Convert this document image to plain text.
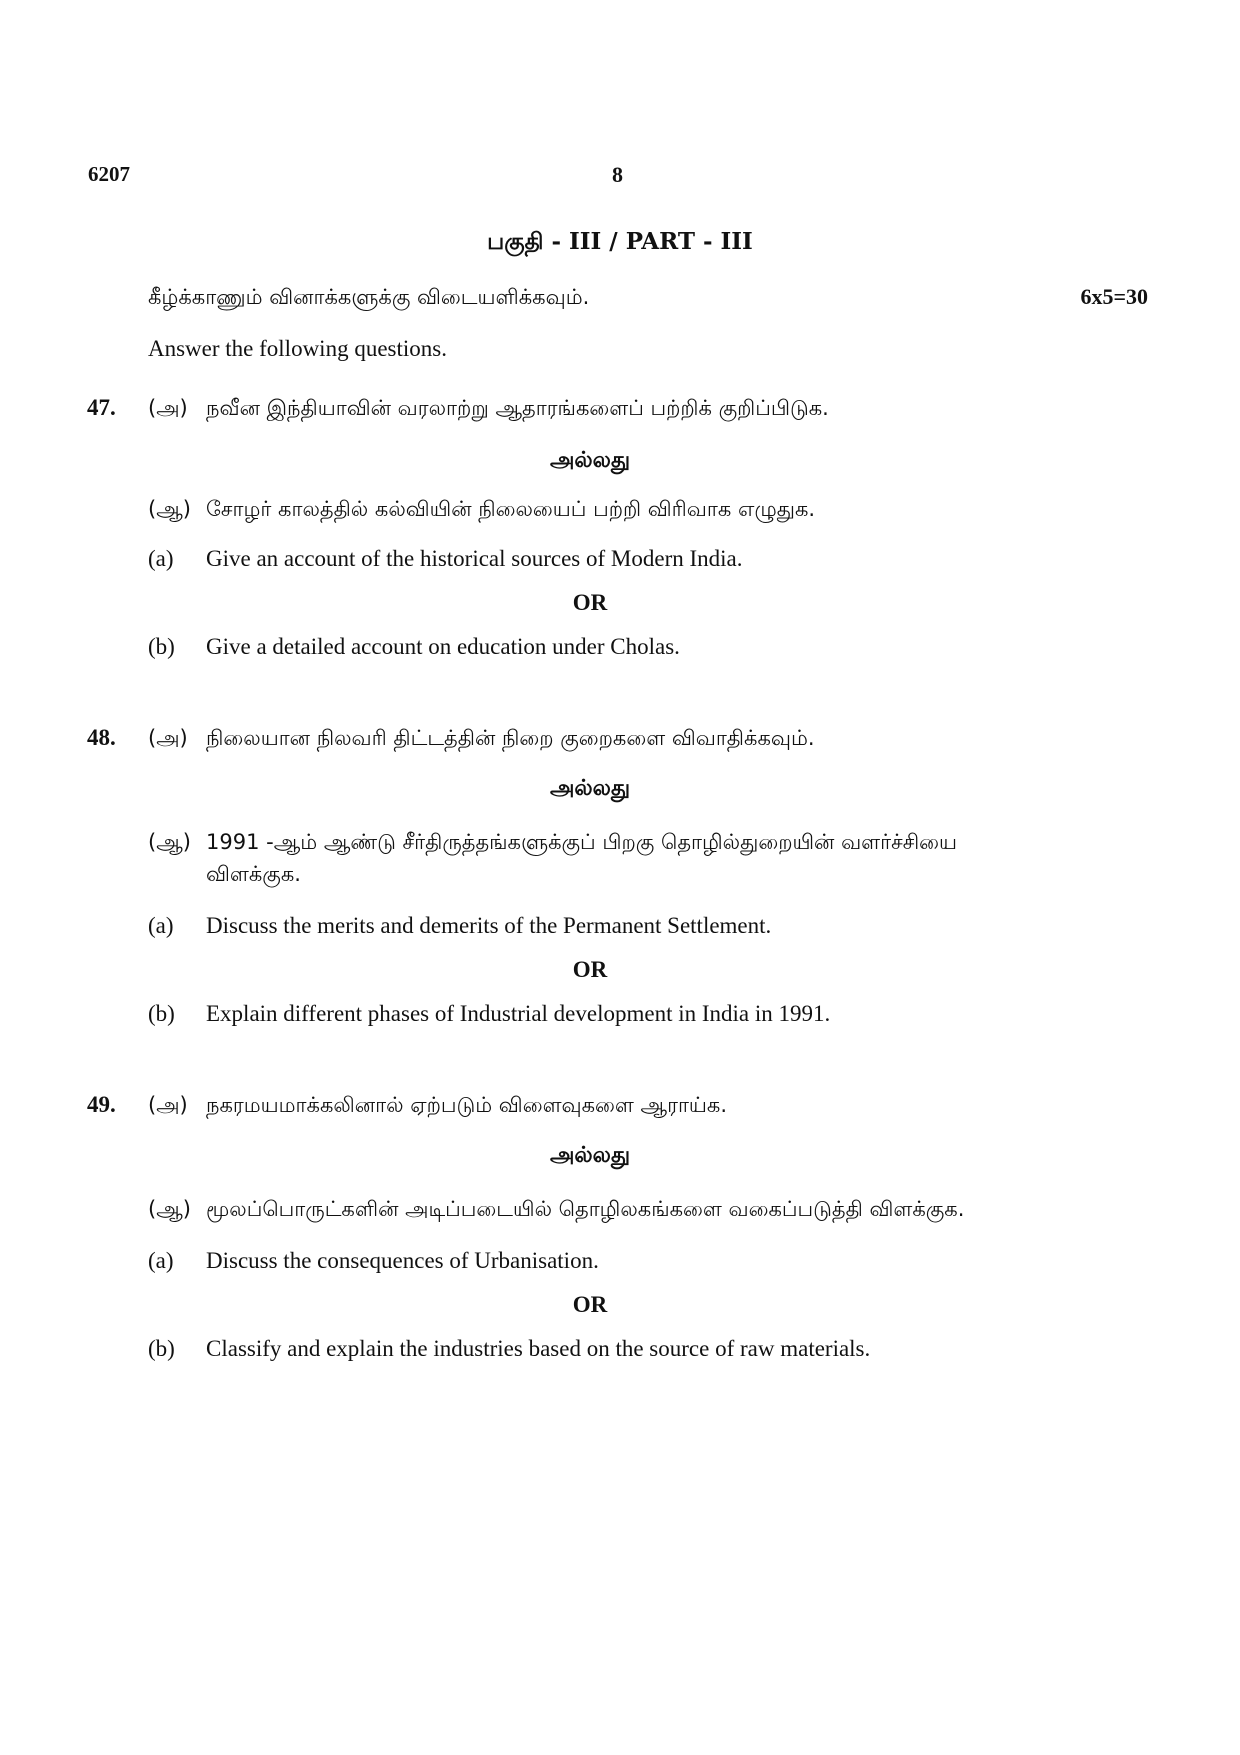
6207	8
பகுதி - III / PART - III
கீழ்க்காணும் வினாக்களுக்கு விடையளிக்கவும்.	6x5=30
Answer the following questions.
47. (அ) நவீன இந்தியாவின் வரலாற்று ஆதாரங்களைப் பற்றிக் குறிப்பிடுக.
அல்லது
(ஆ) சோழர் காலத்தில் கல்வியின் நிலையைப் பற்றி விரிவாக எழுதுக.
(a) Give an account of the historical sources of Modern India.
OR
(b) Give a detailed account on education under Cholas.
48. (அ) நிலையான நிலவரி திட்டத்தின் நிறை குறைகளை விவாதிக்கவும்.
அல்லது
(ஆ) 1991 -ஆம் ஆண்டு சீர்திருத்தங்களுக்குப் பிறகு தொழில்துறையின் வளர்ச்சியை
விளக்குக.
(a) Discuss the merits and demerits of the Permanent Settlement.
OR
(b) Explain different phases of Industrial development in India in 1991.
49. (அ) நகரமயமாக்கலினால் ஏற்படும் விளைவுகளை ஆராய்க.
அல்லது
(ஆ) மூலப்பொருட்களின் அடிப்படையில் தொழிலகங்களை வகைப்படுத்தி விளக்குக.
(a) Discuss the consequences of Urbanisation.
OR
(b) Classify and explain the industries based on the source of raw materials.
